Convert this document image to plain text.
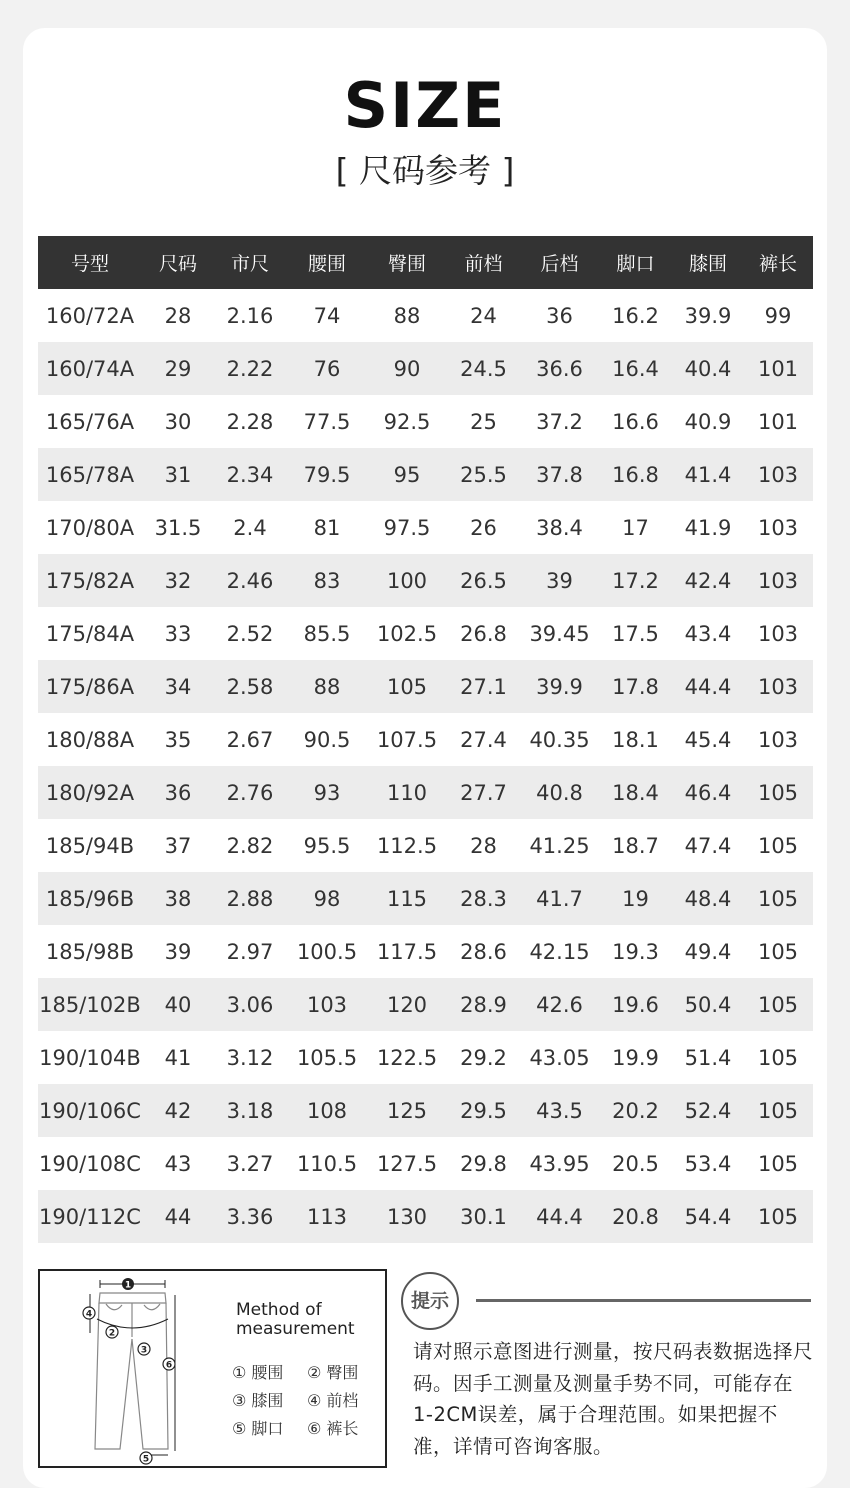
SIZE
[ 尺码参考 ]
号型	尺码	市尺	腰围	臀围	前档	后档	脚口	膝围	裤长
160/72A	28	2.16	74	88	24	36	16.2	39.9	99
160/74A	29	2.22	76	90	24.5	36.6	16.4	40.4	101
165/76A	30	2.28	77.5	92.5	25	37.2	16.6	40.9	101
165/78A	31	2.34	79.5	95	25.5	37.8	16.8	41.4	103
170/80A	31.5	2.4	81	97.5	26	38.4	17	41.9	103
175/82A	32	2.46	83	100	26.5	39	17.2	42.4	103
175/84A	33	2.52	85.5	102.5	26.8	39.45	17.5	43.4	103
175/86A	34	2.58	88	105	27.1	39.9	17.8	44.4	103
180/88A	35	2.67	90.5	107.5	27.4	40.35	18.1	45.4	103
180/92A	36	2.76	93	110	27.7	40.8	18.4	46.4	105
185/94B	37	2.82	95.5	112.5	28	41.25	18.7	47.4	105
185/96B	38	2.88	98	115	28.3	41.7	19	48.4	105
185/98B	39	2.97	100.5	117.5	28.6	42.15	19.3	49.4	105
185/102B	40	3.06	103	120	28.9	42.6	19.6	50.4	105
190/104B	41	3.12	105.5	122.5	29.2	43.05	19.9	51.4	105
190/106C	42	3.18	108	125	29.5	43.5	20.2	52.4	105
190/108C	43	3.27	110.5	127.5	29.8	43.95	20.5	53.4	105
190/112C	44	3.36	113	130	30.1	44.4	20.8	54.4	105
1
2
3
4
5
6
Method of
measurement
① 腰围	② 臀围
③ 膝围	④ 前档
⑤ 脚口	⑥ 裤长
提示
请对照示意图进行测量，按尺码表数据选择尺码。因手工测量及测量手势不同，可能存在1-2CM误差，属于合理范围。如果把握不准，详情可咨询客服。
